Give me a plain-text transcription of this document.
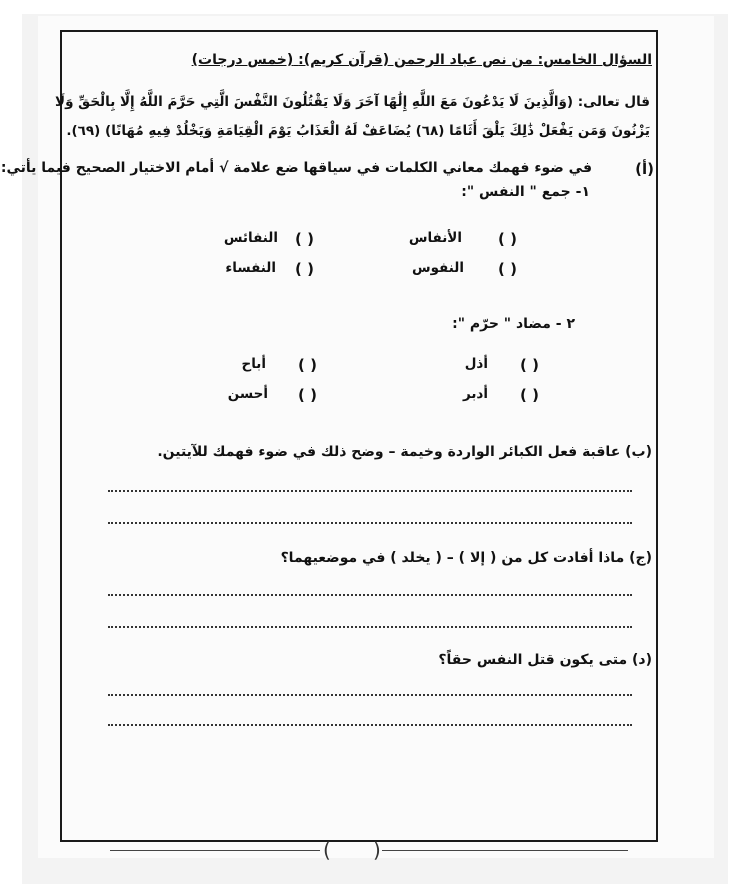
السؤال الخامس: من نص عباد الرحمن (قرآن كريم): (خمس درجات)
قال تعالى: (وَالَّذِينَ لَا يَدْعُونَ مَعَ اللَّهِ إِلَٰهًا آخَرَ وَلَا يَقْتُلُونَ النَّفْسَ الَّتِي حَرَّمَ اللَّهُ إِلَّا بِالْحَقِّ وَلَا
يَزْنُونَ وَمَن يَفْعَلْ ذَٰلِكَ يَلْقَ أَثَامًا (٦٨) يُضَاعَفْ لَهُ الْعَذَابُ يَوْمَ الْقِيَامَةِ وَيَخْلُدْ فِيهِ مُهَانًا) (٦٩).
(أ)
في ضوء فهمك معاني الكلمات في سياقها ضع علامة √ أمام الاختيار الصحيح فيما يأتي:
١- جمع " النفس ":
( )
الأنفاس
( )
النفائس
( )
النفوس
( )
النفساء
٢ - مضاد " حرّم ":
( )
أذل
( )
أباح
( )
أدبر
( )
أحسن
(ب) عاقبة فعل الكبائر الواردة وخيمة – وضح ذلك في ضوء فهمك للآيتين.
(ج) ماذا أفادت كل من ( إلا ) – ( يخلد ) في موضعيهما؟
(د) متى يكون قتل النفس حقاً؟
( )
